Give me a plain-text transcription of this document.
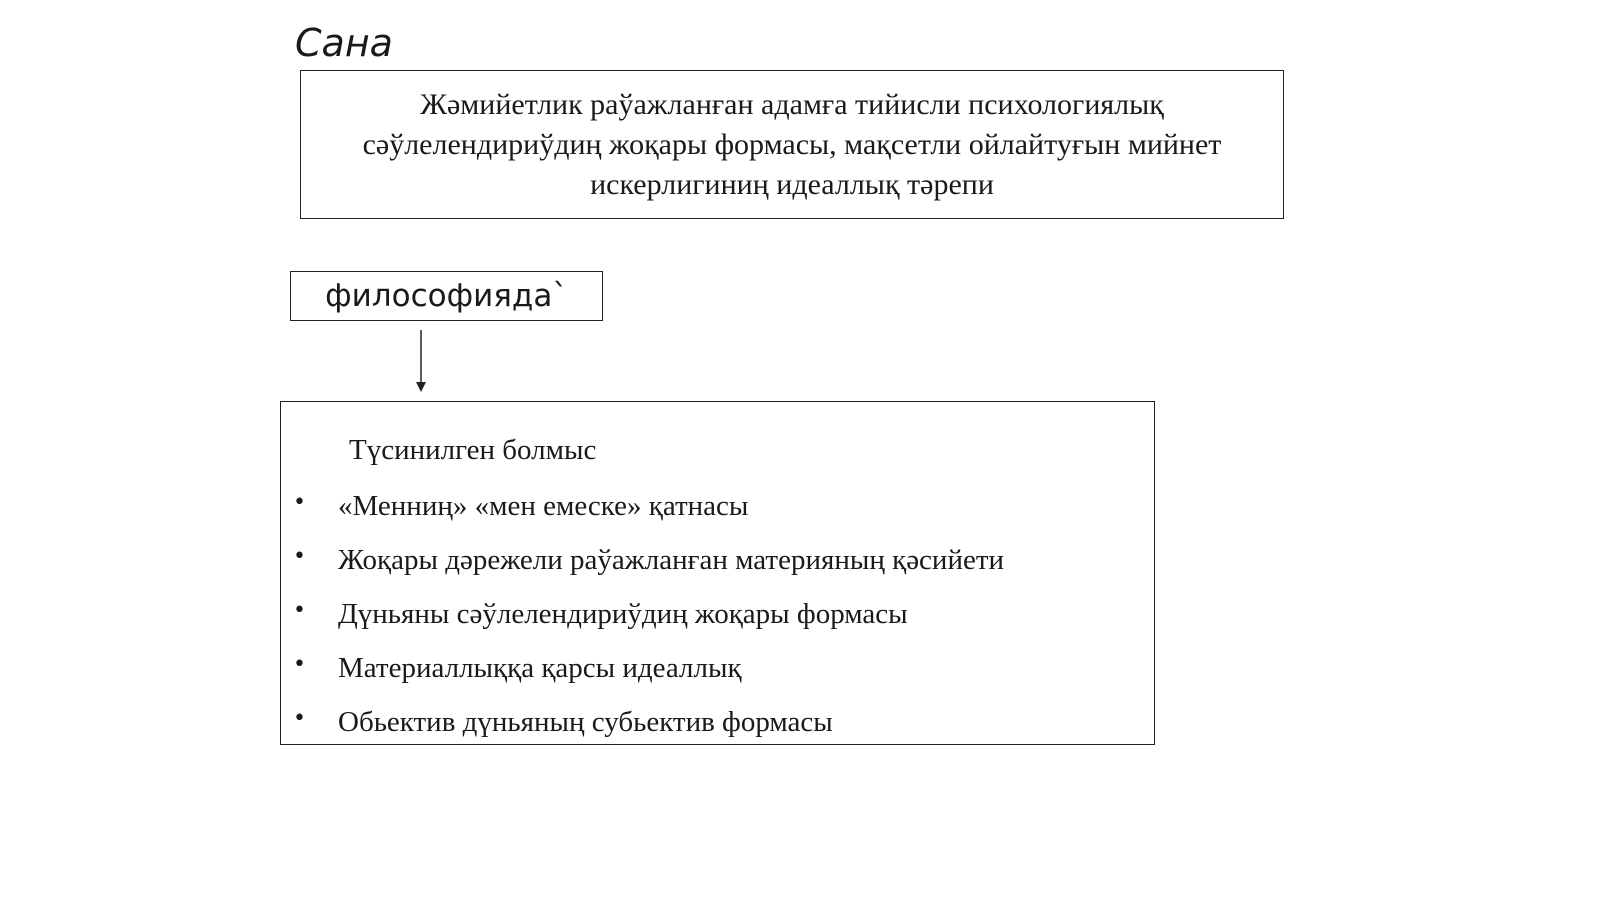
Сана

Жәмийетлик раўажланған адамға тийисли психологиялық сәўлелендириўдиң жоқары формасы, мақсетли ойлайтуғын мийнет искерлигиниң идеаллық тәрепи

философияда`
Түсинилген болмыс
• «Менниң» «мен емеске» қатнасы
• Жоқары дәрежели раўажланған материяның қәсийети
• Дүньяны сәўлелендириўдиң жоқары формасы
• Материаллыққа қарсы идеаллық
• Обьектив дүньяның субьектив формасы
